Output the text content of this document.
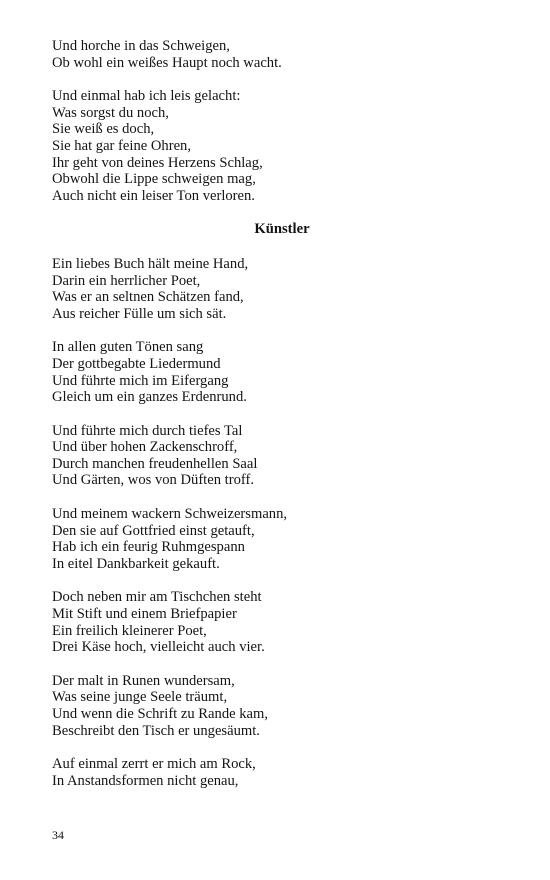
Und horche in das Schweigen,
Ob wohl ein weißes Haupt noch wacht.
Und einmal hab ich leis gelacht:
Was sorgst du noch,
Sie weiß es doch,
Sie hat gar feine Ohren,
Ihr geht von deines Herzens Schlag,
Obwohl die Lippe schweigen mag,
Auch nicht ein leiser Ton verloren.
Künstler
Ein liebes Buch hält meine Hand,
Darin ein herrlicher Poet,
Was er an seltnen Schätzen fand,
Aus reicher Fülle um sich sät.
In allen guten Tönen sang
Der gottbegabte Liedermund
Und führte mich im Eifergang
Gleich um ein ganzes Erdenrund.
Und führte mich durch tiefes Tal
Und über hohen Zackenschroff,
Durch manchen freudenhellen Saal
Und Gärten, wos von Düften troff.
Und meinem wackern Schweizersmann,
Den sie auf Gottfried einst getauft,
Hab ich ein feurig Ruhmgespann
In eitel Dankbarkeit gekauft.
Doch neben mir am Tischchen steht
Mit Stift und einem Briefpapier
Ein freilich kleinerer Poet,
Drei Käse hoch, vielleicht auch vier.
Der malt in Runen wundersam,
Was seine junge Seele träumt,
Und wenn die Schrift zu Rande kam,
Beschreibt den Tisch er ungesäumt.
Auf einmal zerrt er mich am Rock,
In Anstandsformen nicht genau,
34
